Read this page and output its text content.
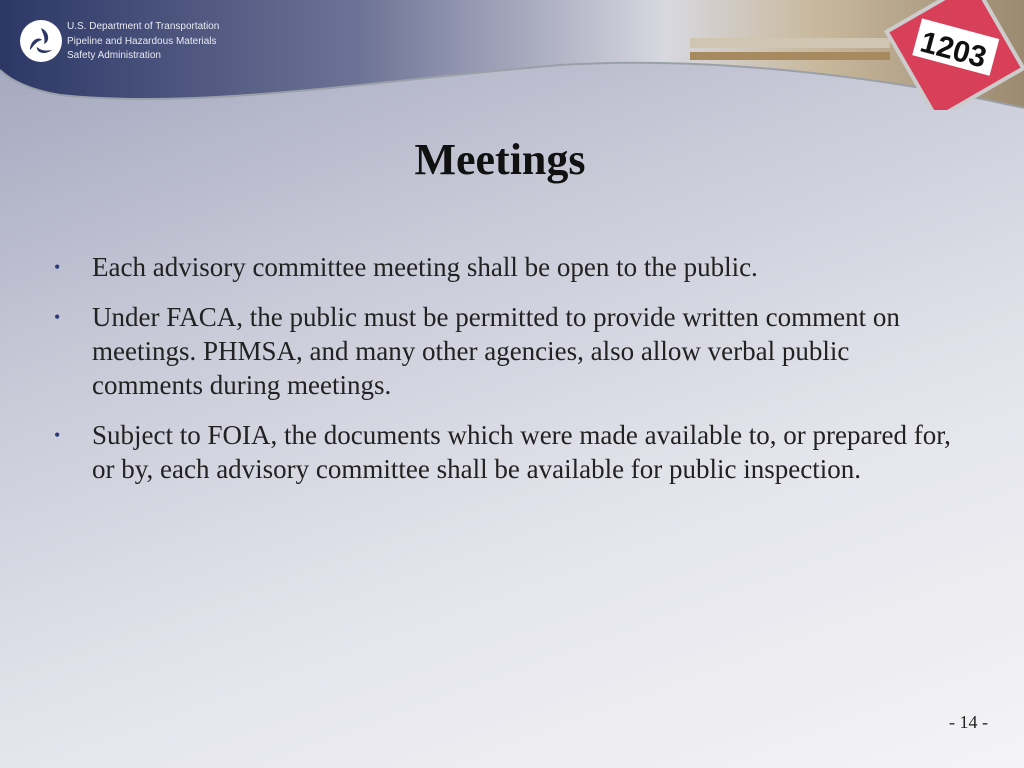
1203
U.S. Department of Transportation
Pipeline and Hazardous Materials
Safety Administration
Meetings
• Each advisory committee meeting shall be open to the public.
• Under FACA, the public must be permitted to provide written comment on meetings. PHMSA, and many other agencies, also allow verbal public comments during meetings.
• Subject to FOIA, the documents which were made available to, or prepared for, or by, each advisory committee shall be available for public inspection.
- 14 -
